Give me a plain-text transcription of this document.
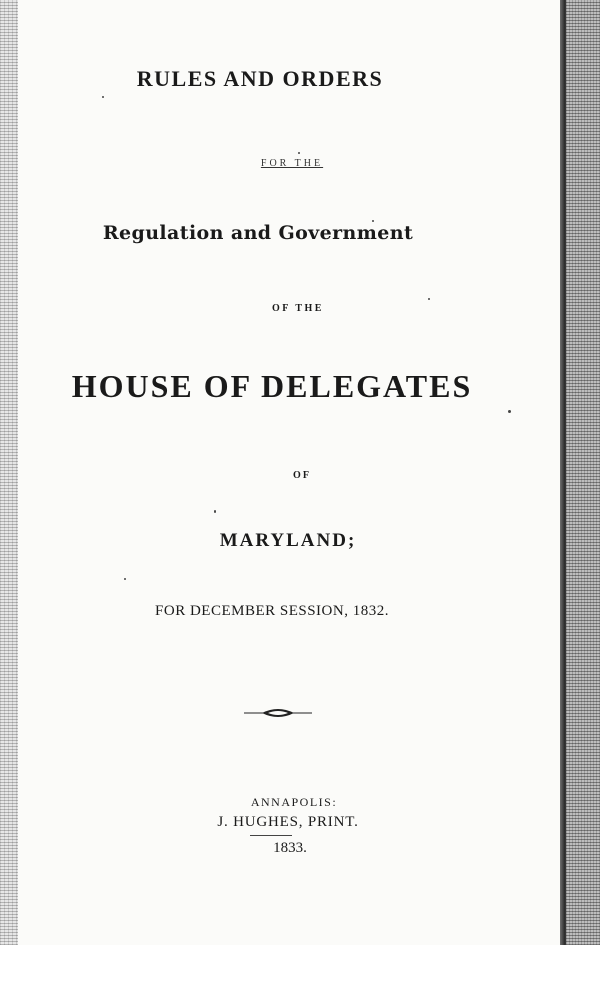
RULES AND ORDERS

FOR THE

Regulation and Government

OF THE

HOUSE OF DELEGATES

OF

MARYLAND;

FOR DECEMBER SESSION, 1832.

ANNAPOLIS:

J. HUGHES, PRINT.

1833.
